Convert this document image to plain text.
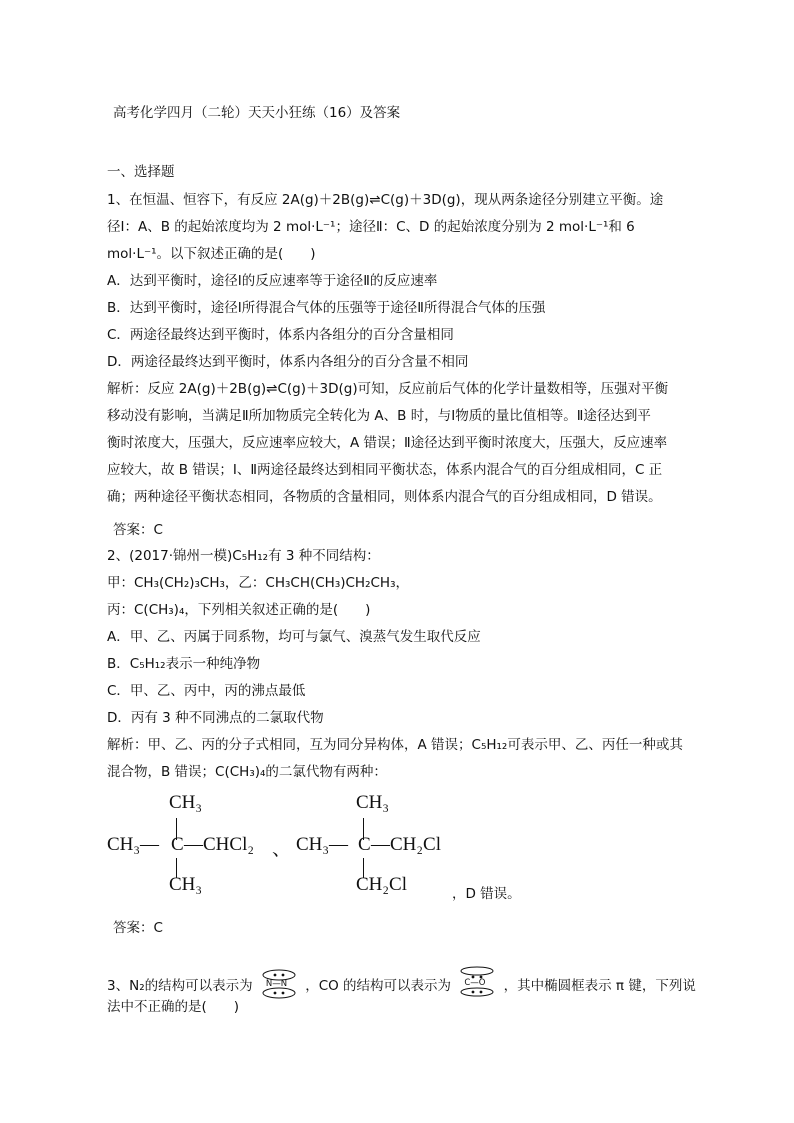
高考化学四月（二轮）天天小狂练（16）及答案
一、选择题
1、在恒温、恒容下，有反应 2A(g)＋2B(g)⇌C(g)＋3D(g)，现从两条途径分别建立平衡。途
径Ⅰ：A、B 的起始浓度均为 2 mol·L⁻¹；途径Ⅱ：C、D 的起始浓度分别为 2 mol·L⁻¹和 6
mol·L⁻¹。以下叙述正确的是(　　)
A．达到平衡时，途径Ⅰ的反应速率等于途径Ⅱ的反应速率
B．达到平衡时，途径Ⅰ所得混合气体的压强等于途径Ⅱ所得混合气体的压强
C．两途径最终达到平衡时，体系内各组分的百分含量相同
D．两途径最终达到平衡时，体系内各组分的百分含量不相同
解析：反应 2A(g)＋2B(g)⇌C(g)＋3D(g)可知，反应前后气体的化学计量数相等，压强对平衡
移动没有影响，当满足Ⅱ所加物质完全转化为 A、B 时，与Ⅰ物质的量比值相等。Ⅱ途径达到平
衡时浓度大，压强大，反应速率应较大，A 错误；Ⅱ途径达到平衡时浓度大，压强大，反应速率
应较大，故 B 错误；Ⅰ、Ⅱ两途径最终达到相同平衡状态，体系内混合气的百分组成相同，C 正
确；两种途径平衡状态相同，各物质的含量相同，则体系内混合气的百分组成相同，D 错误。
答案：C
2、(2017·锦州一模)C₅H₁₂有 3 种不同结构：
甲：CH₃(CH₂)₃CH₃，乙：CH₃CH(CH₃)CH₂CH₃，
丙：C(CH₃)₄，下列相关叙述正确的是(　　)
A．甲、乙、丙属于同系物，均可与氯气、溴蒸气发生取代反应
B．C₅H₁₂表示一种纯净物
C．甲、乙、丙中，丙的沸点最低
D．丙有 3 种不同沸点的二氯取代物
解析：甲、乙、丙的分子式相同，互为同分异构体，A 错误；C₅H₁₂可表示甲、乙、丙任一种或其
混合物，B 错误；C(CH₃)₄的二氯代物有两种：
CH₃
CH₃— C —CHCl₂
CH₃
、
CH₃
CH₃— C —CH₂Cl
CH₂Cl	，D 错误。
答案：C
3、N₂的结构可以表示为 N—N ，CO 的结构可以表示为 C—O ，其中椭圆框表示 π 键，下列说
法中不正确的是(　　)
